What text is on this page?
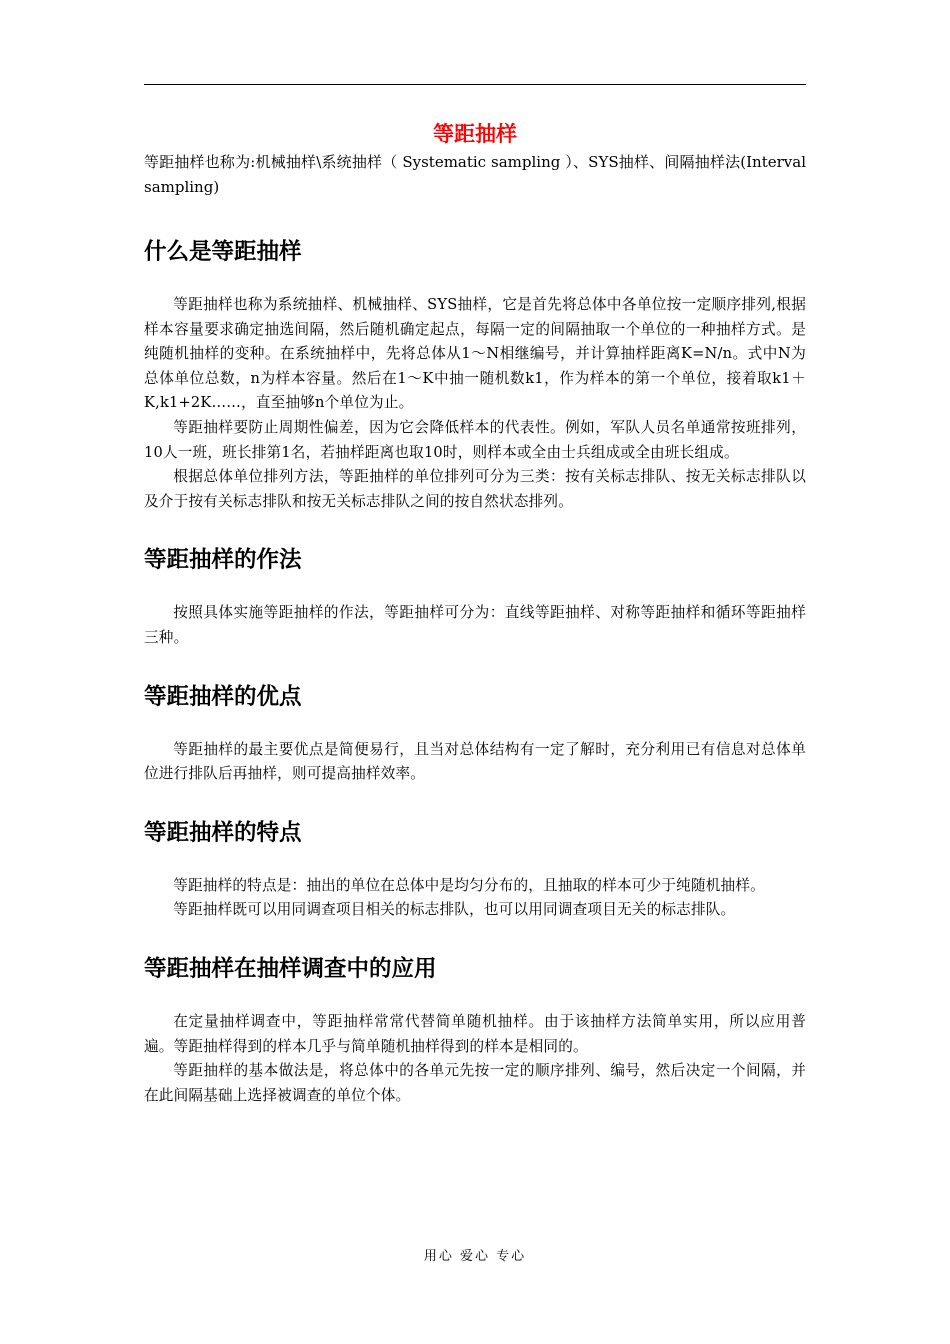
等距抽样

等距抽样也称为:机械抽样\系统抽样（ Systematic sampling ）、SYS抽样、间隔抽样法(Interval sampling)

什么是等距抽样

等距抽样也称为系统抽样、机械抽样、SYS抽样，它是首先将总体中各单位按一定顺序排列,根据样本容量要求确定抽选间隔，然后随机确定起点，每隔一定的间隔抽取一个单位的一种抽样方式。是纯随机抽样的变种。在系统抽样中，先将总体从1～N相继编号，并计算抽样距离K=N/n。式中N为总体单位总数，n为样本容量。然后在1～K中抽一随机数k1，作为样本的第一个单位，接着取k1＋K,k1+2K……，直至抽够n个单位为止。

等距抽样要防止周期性偏差，因为它会降低样本的代表性。例如，军队人员名单通常按班排列，10人一班，班长排第1名，若抽样距离也取10时，则样本或全由士兵组成或全由班长组成。

根据总体单位排列方法，等距抽样的单位排列可分为三类：按有关标志排队、按无关标志排队以及介于按有关标志排队和按无关标志排队之间的按自然状态排列。

等距抽样的作法

按照具体实施等距抽样的作法，等距抽样可分为：直线等距抽样、对称等距抽样和循环等距抽样三种。

等距抽样的优点

等距抽样的最主要优点是简便易行，且当对总体结构有一定了解时，充分利用已有信息对总体单位进行排队后再抽样，则可提高抽样效率。

等距抽样的特点

等距抽样的特点是：抽出的单位在总体中是均匀分布的，且抽取的样本可少于纯随机抽样。

等距抽样既可以用同调查项目相关的标志排队，也可以用同调查项目无关的标志排队。

等距抽样在抽样调查中的应用

在定量抽样调查中，等距抽样常常代替简单随机抽样。由于该抽样方法简单实用，所以应用普遍。等距抽样得到的样本几乎与简单随机抽样得到的样本是相同的。

等距抽样的基本做法是，将总体中的各单元先按一定的顺序排列、编号，然后决定一个间隔，并在此间隔基础上选择被调查的单位个体。

用心 爱心 专心
